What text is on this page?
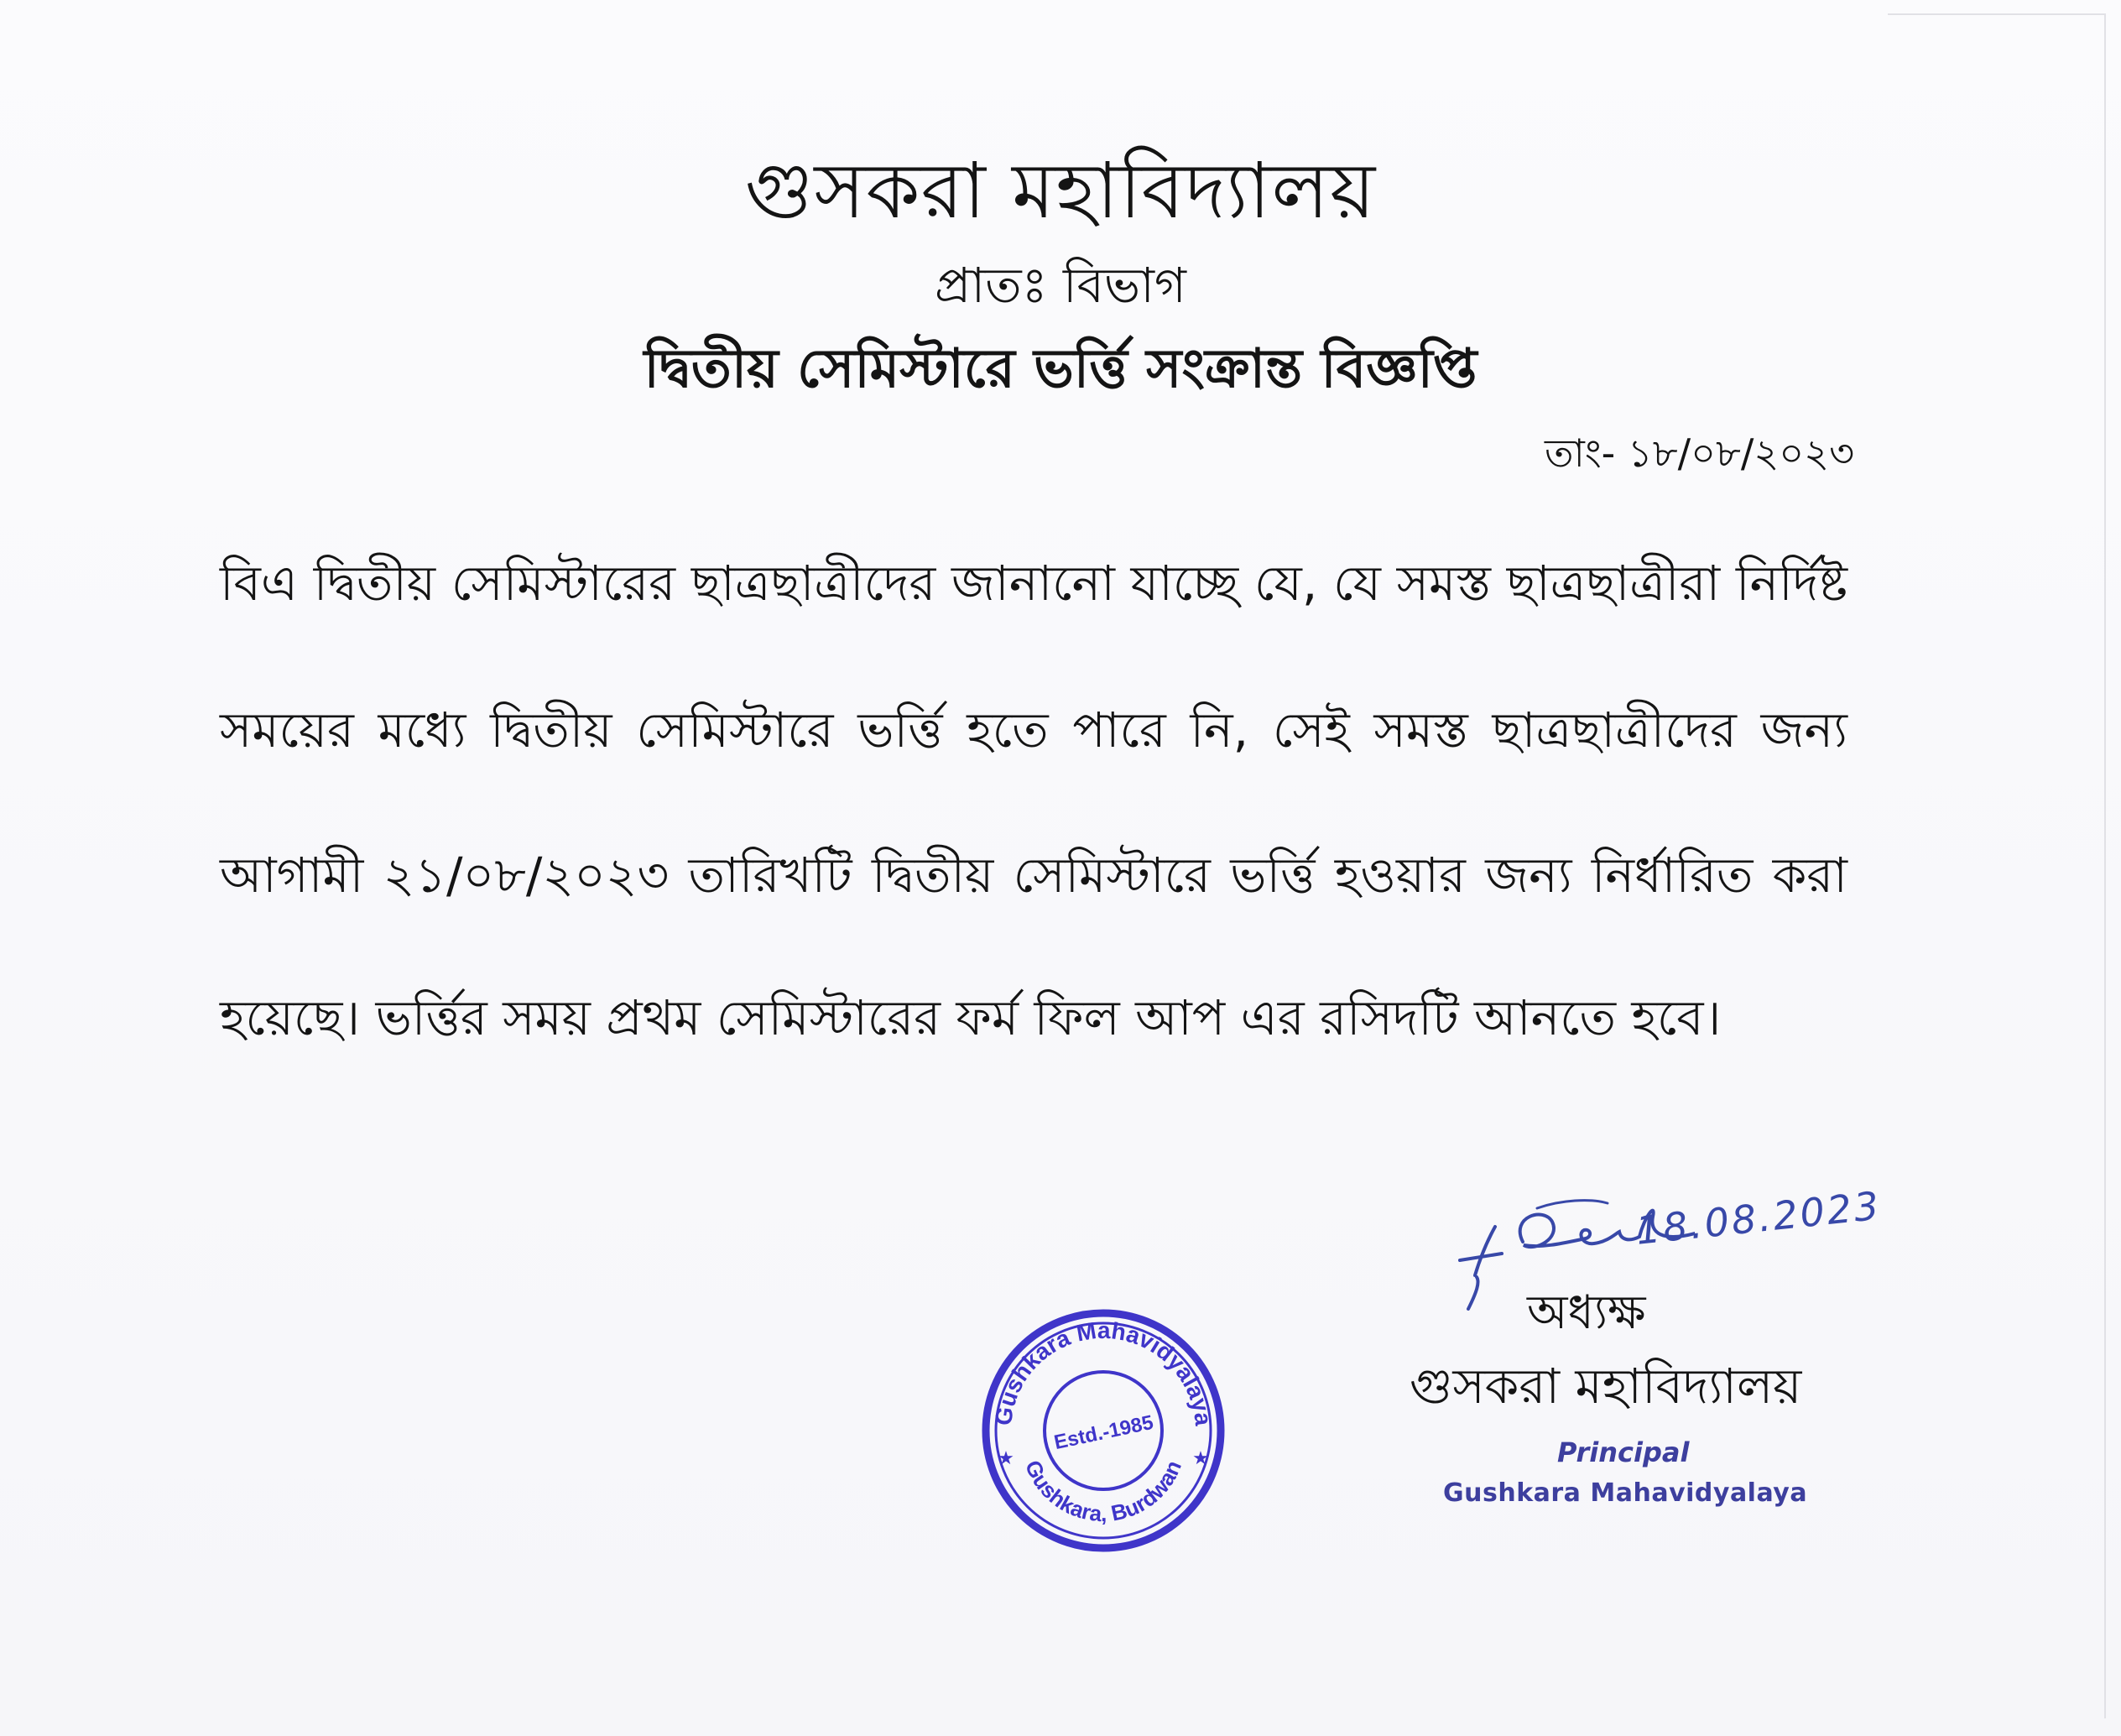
গুসকরা মহাবিদ্যালয়
প্রাতঃ বিভাগ
দ্বিতীয় সেমিস্টারে ভর্ত্তি সংক্রান্ত বিজ্ঞপ্তি
তাং- ১৮/০৮/২০২৩
বিএ দ্বিতীয় সেমিস্টারের ছাত্রছাত্রীদের জানানো যাচ্ছে যে, যে সমস্ত ছাত্রছাত্রীরা নির্দিষ্ট
সময়ের মধ্যে দ্বিতীয় সেমিস্টারে ভর্ত্তি হতে পারে নি, সেই সমস্ত ছাত্রছাত্রীদের জন্য
আগামী ২১/০৮/২০২৩ তারিখটি দ্বিতীয় সেমিস্টারে ভর্ত্তি হওয়ার জন্য নির্ধারিত করা
হয়েছে। ভর্ত্তির সময় প্রথম সেমিস্টারের ফর্ম ফিল আপ এর রসিদটি আনতে হবে।
18.08.2023
অধ্যক্ষ
গুসকরা মহাবিদ্যালয়
Principal
Gushkara Mahavidyalaya
Gushkara Mahavidyalaya
Gushkara, Burdwan
Estd.-1985
★	★
